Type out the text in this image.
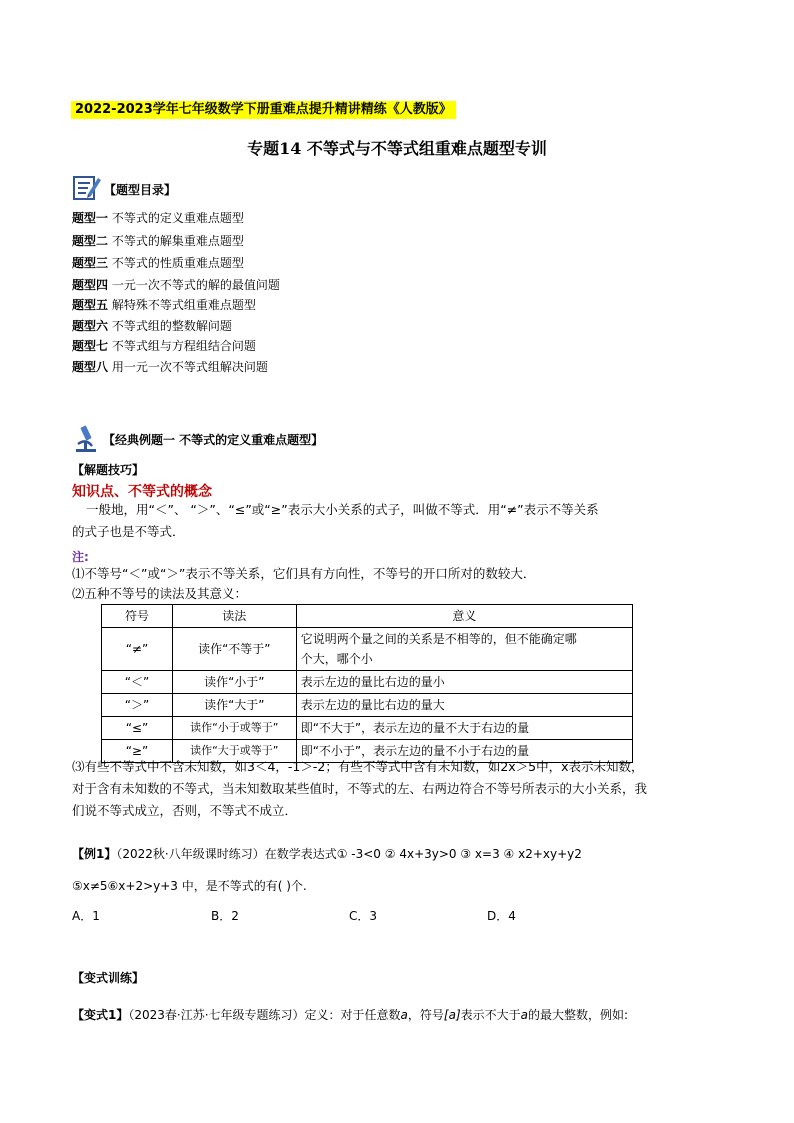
2022-2023学年七年级数学下册重难点提升精讲精练《人教版》
专题14 不等式与不等式组重难点题型专训
【题型目录】
题型一 不等式的定义重难点题型
题型二 不等式的解集重难点题型
题型三 不等式的性质重难点题型
题型四 一元一次不等式的解的最值问题
题型五 解特殊不等式组重难点题型
题型六 不等式组的整数解问题
题型七 不等式组与方程组结合问题
题型八 用一元一次不等式组解决问题
【经典例题一 不等式的定义重难点题型】
【解题技巧】
知识点、不等式的概念
一般地，用“＜”、 “＞”、“≤”或“≥”表示大小关系的式子，叫做不等式．用“≠”表示不等关系
的式子也是不等式．
注:
⑴不等号“＜”或“＞”表示不等关系，它们具有方向性，不等号的开口所对的数较大．
⑵五种不等号的读法及其意义：
符号	读法	意义
“≠”	读作“不等于”	它说明两个量之间的关系是不相等的，但不能确定哪
个大，哪个小
“＜”	读作“小于”	表示左边的量比右边的量小
“＞”	读作“大于”	表示左边的量比右边的量大
“≤”	读作“小于或等于”	即“不大于”，表示左边的量不大于右边的量
“≥”	读作“大于或等于”	即“不小于”，表示左边的量不小于右边的量
⑶有些不等式中不含未知数，如3＜4，-1＞-2；有些不等式中含有未知数，如2x＞5中，x表示未知数，
对于含有未知数的不等式，当未知数取某些值时，不等式的左、右两边符合不等号所表示的大小关系，我
们说不等式成立，否则，不等式不成立．
【例1】（2022秋·八年级课时练习）在数学表达式① -3<0 ② 4x+3y>0 ③ x=3 ④ x2+xy+y2
⑤x≠5⑥x+2>y+3 中，是不等式的有( )个.
A．1	B．2	C．3	D．4
【变式训练】
【变式1】（2023春·江苏·七年级专题练习）定义：对于任意数a，符号[a]表示不大于a的最大整数，例如:
